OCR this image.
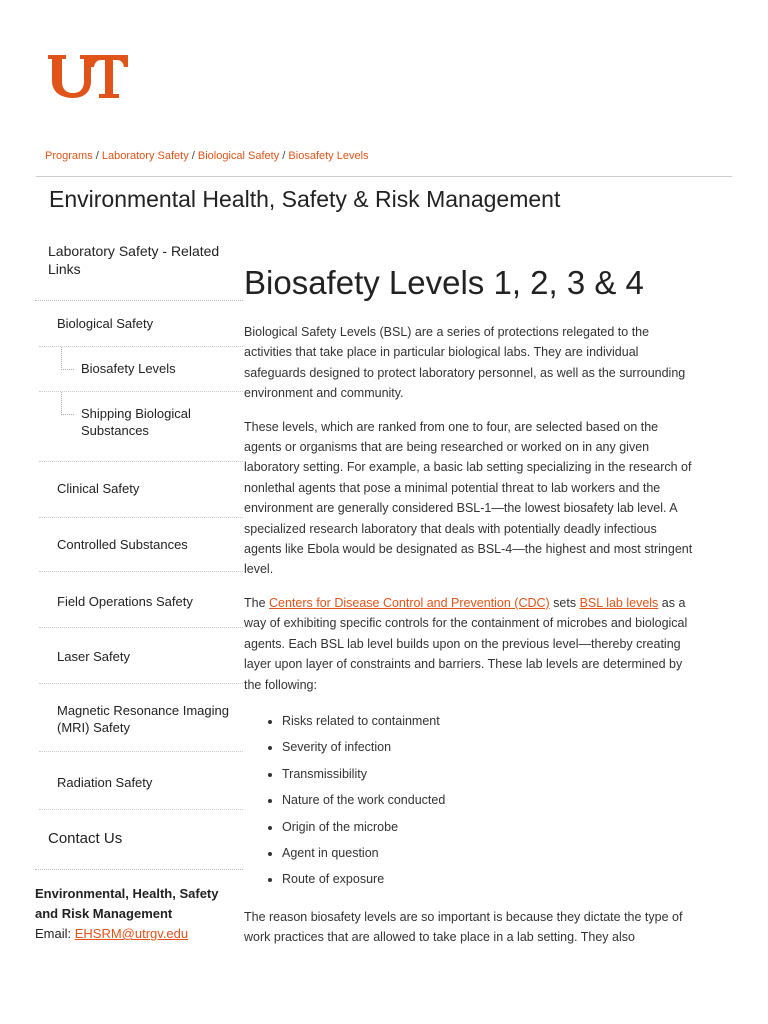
Programs / Laboratory Safety / Biological Safety / Biosafety Levels
Environmental Health, Safety & Risk Management
Laboratory Safety - Related Links
Biological Safety
Biosafety Levels
Shipping Biological Substances
Clinical Safety
Controlled Substances
Field Operations Safety
Laser Safety
Magnetic Resonance Imaging (MRI) Safety
Radiation Safety
Contact Us
Environmental, Health, Safety and Risk Management
Email: EHSRM@utrgv.edu
Biosafety Levels 1, 2, 3 & 4

Biological Safety Levels (BSL) are a series of protections relegated to the activities that take place in particular biological labs. They are individual safeguards designed to protect laboratory personnel, as well as the surrounding environment and community.

These levels, which are ranked from one to four, are selected based on the agents or organisms that are being researched or worked on in any given laboratory setting. For example, a basic lab setting specializing in the research of nonlethal agents that pose a minimal potential threat to lab workers and the environment are generally considered BSL-1—the lowest biosafety lab level. A specialized research laboratory that deals with potentially deadly infectious agents like Ebola would be designated as BSL-4—the highest and most stringent level.

The Centers for Disease Control and Prevention (CDC) sets BSL lab levels as a way of exhibiting specific controls for the containment of microbes and biological agents. Each BSL lab level builds upon on the previous level—thereby creating layer upon layer of constraints and barriers. These lab levels are determined by the following:

• Risks related to containment
• Severity of infection
• Transmissibility
• Nature of the work conducted
• Origin of the microbe
• Agent in question
• Route of exposure

The reason biosafety levels are so important is because they dictate the type of work practices that are allowed to take place in a lab setting. They also
